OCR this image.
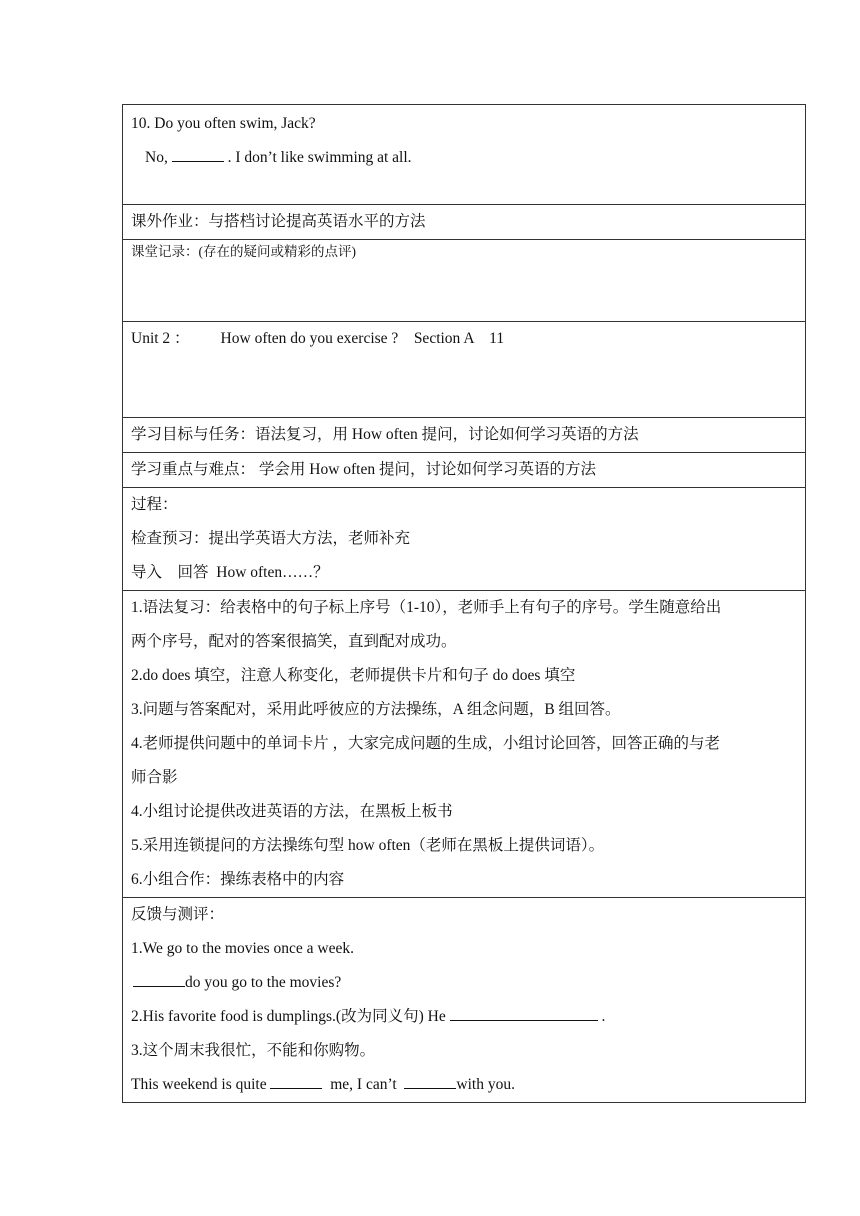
10. Do you often swim, Jack?
No,	. I don’t like swimming at all.

课外作业：与搭档讨论提高英语水平的方法

课堂记录：(存在的疑问或精彩的点评)

Unit 2 ：        How often do you exercise ?    Section A    11

学习目标与任务：语法复习，用 How often 提问，讨论如何学习英语的方法

学习重点与难点： 学会用 How often 提问，讨论如何学习英语的方法

过程：
检查预习：提出学英语大方法，老师补充
导入    回答  How often……？

1.语法复习：给表格中的句子标上序号（1-10），老师手上有句子的序号。学生随意给出
两个序号，配对的答案很搞笑，直到配对成功。
2.do does 填空，注意人称变化，老师提供卡片和句子 do does 填空
3.问题与答案配对，采用此呼彼应的方法操练，A 组念问题，B 组回答。
4.老师提供问题中的单词卡片 ，大家完成问题的生成，小组讨论回答，回答正确的与老
师合影
4.小组讨论提供改进英语的方法，在黑板上板书
5.采用连锁提问的方法操练句型 how often（老师在黑板上提供词语）。
6.小组合作：操练表格中的内容

反馈与测评：
1.We go to the movies once a week.
do you go to the movies?
2.His favorite food is dumplings.(改为同义句) He	.
3.这个周末我很忙，不能和你购物。
This weekend is quite	me, I can’t	with you.
